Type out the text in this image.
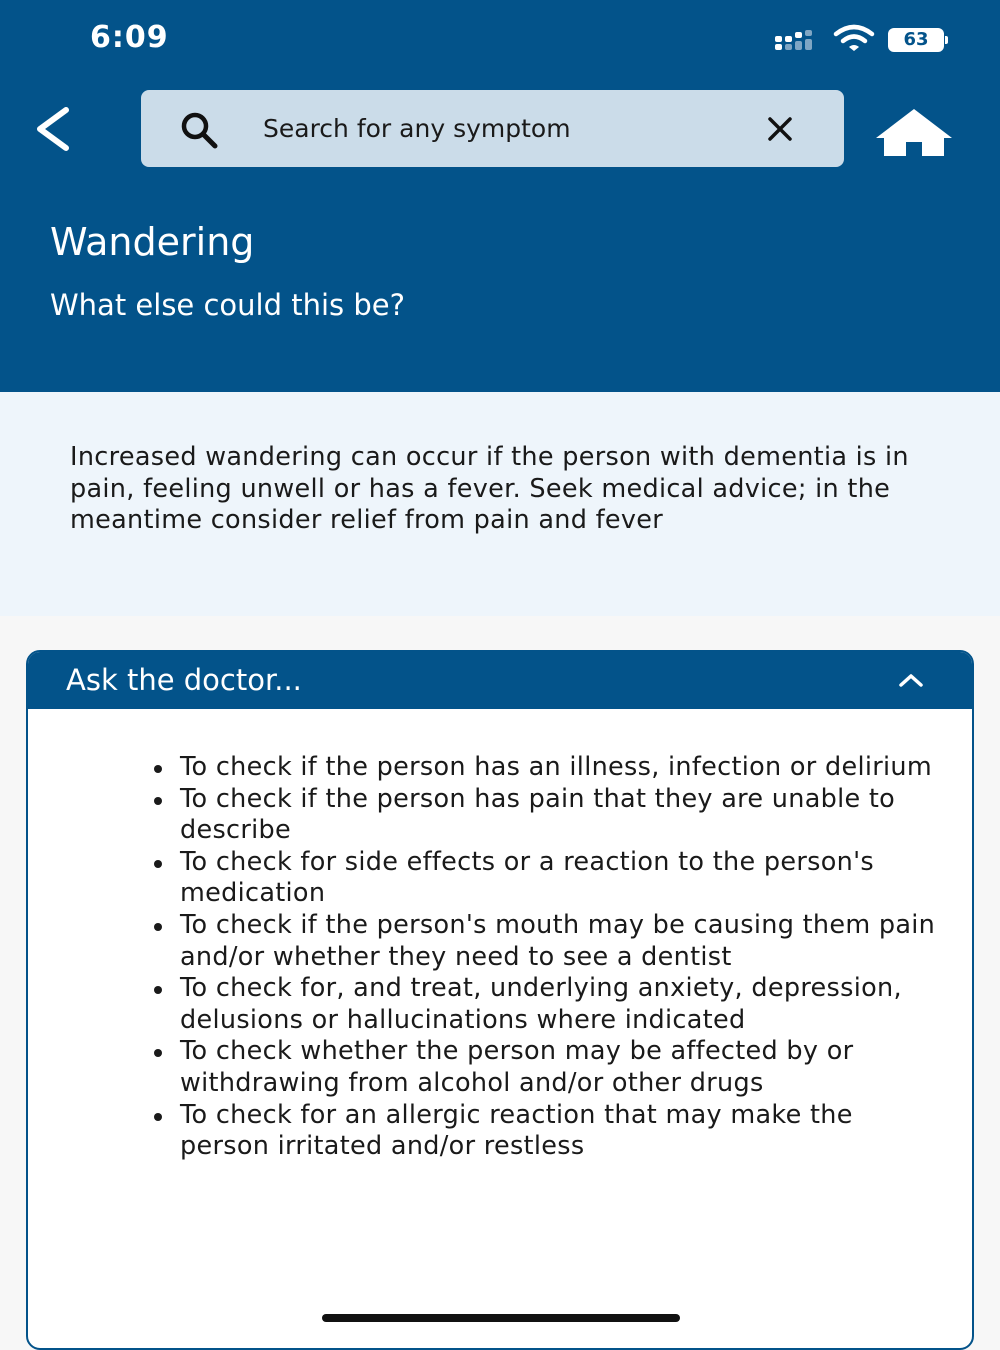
6:09	63
Search for any symptom
Wandering
What else could this be?

Increased wandering can occur if the person with dementia is in pain, feeling unwell or has a fever. Seek medical advice; in the meantime consider relief from pain and fever

Ask the doctor...
To check if the person has an illness, infection or delirium
To check if the person has pain that they are unable to describe
To check for side effects or a reaction to the person's medication
To check if the person's mouth may be causing them pain and/or whether they need to see a dentist
To check for, and treat, underlying anxiety, depression, delusions or hallucinations where indicated
To check whether the person may be affected by or withdrawing from alcohol and/or other drugs
To check for an allergic reaction that may make the person irritated and/or restless
